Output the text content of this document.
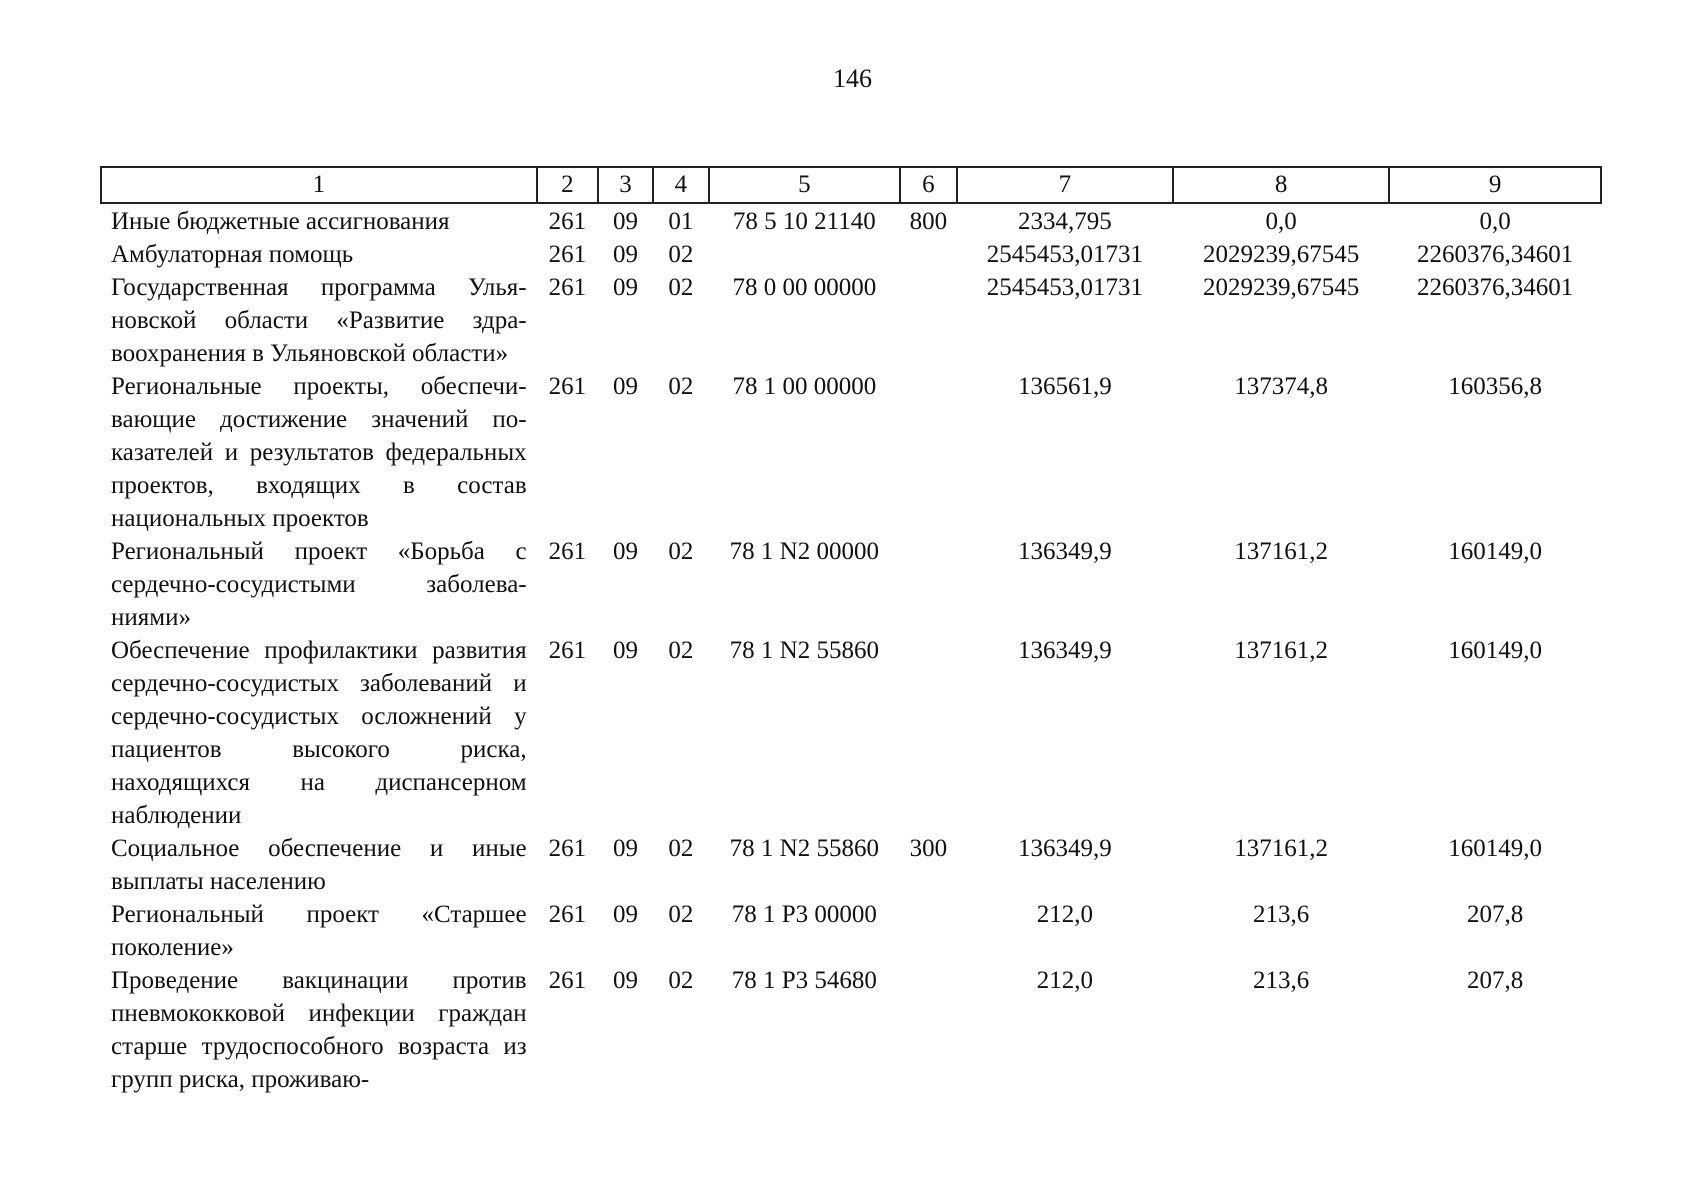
146
1	2	3	4	5	6	7	8	9
Иные бюджетные ассигнования	261	09	01	78 5 10 21140	800	2334,795	0,0	0,0
Амбулаторная помощь	261	09	02			2545453,01731	2029239,67545	2260376,34601
Государственная программа Ульяновской области «Развитие здравоохранения в Ульяновской области»	261	09	02	78 0 00 00000		2545453,01731	2029239,67545	2260376,34601
Региональные проекты, обеспечивающие достижение значений показателей и результатов федеральных проектов, входящих в состав национальных проектов	261	09	02	78 1 00 00000		136561,9	137374,8	160356,8
Региональный проект «Борьба с сердечно-сосудистыми заболеваниями»	261	09	02	78 1 N2 00000		136349,9	137161,2	160149,0
Обеспечение профилактики развития сердечно-сосудистых заболеваний и сердечно-сосудистых осложнений у пациентов высокого риска, находящихся на диспансерном наблюдении	261	09	02	78 1 N2 55860		136349,9	137161,2	160149,0
Социальное обеспечение и иные выплаты населению	261	09	02	78 1 N2 55860	300	136349,9	137161,2	160149,0
Региональный проект «Старшее поколение»	261	09	02	78 1 P3 00000		212,0	213,6	207,8
Проведение вакцинации против пневмококковой инфекции граждан старше трудоспособного возраста из групп риска, проживаю-	261	09	02	78 1 P3 54680		212,0	213,6	207,8
